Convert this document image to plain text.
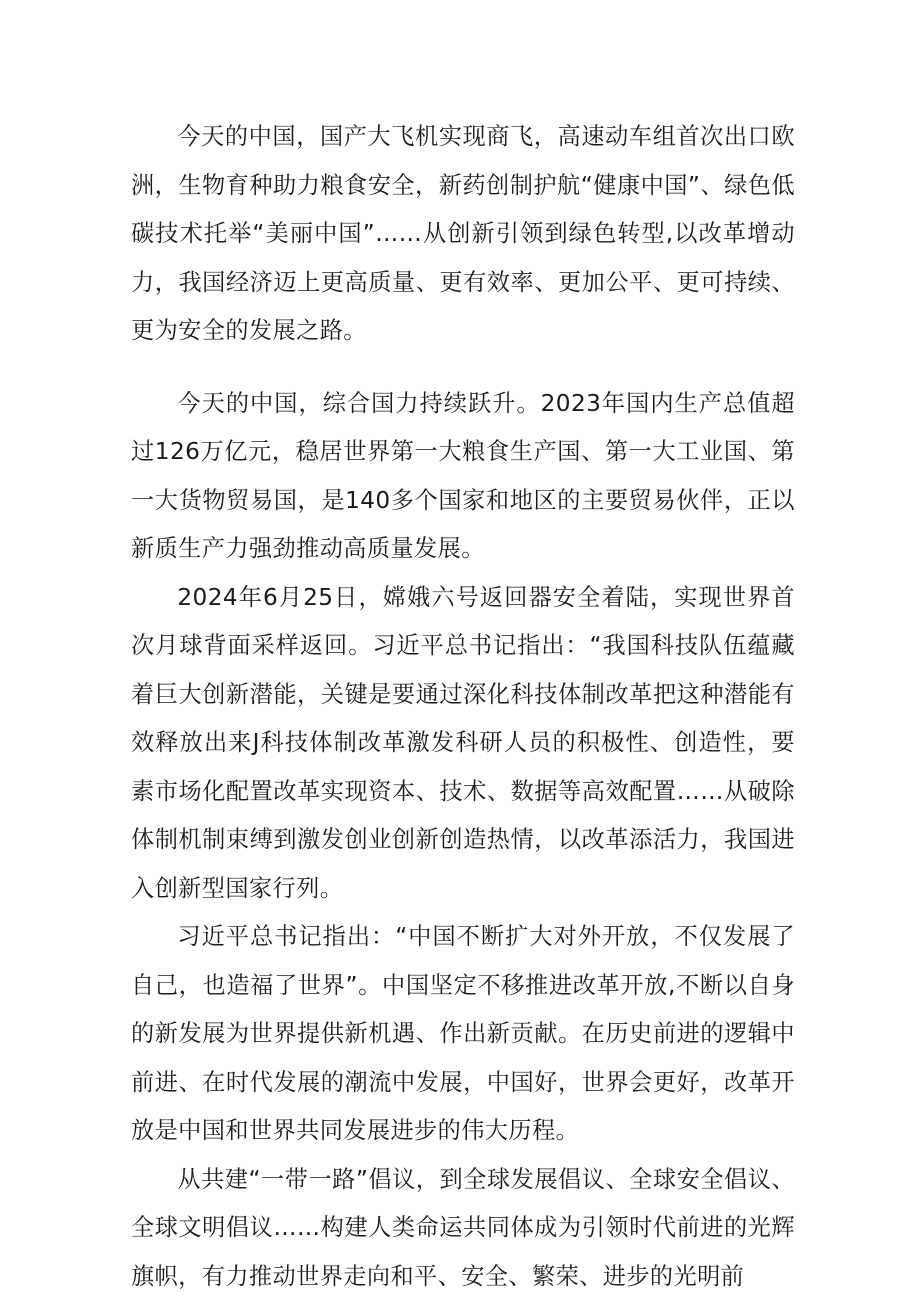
今天的中国，国产大飞机实现商飞，高速动车组首次出口欧洲，生物育种助力粮食安全，新药创制护航“健康中国”、绿色低碳技术托举“美丽中国”……从创新引领到绿色转型,以改革增动力，我国经济迈上更高质量、更有效率、更加公平、更可持续、更为安全的发展之路。

今天的中国，综合国力持续跃升。2023年国内生产总值超过126万亿元，稳居世界第一大粮食生产国、第一大工业国、第一大货物贸易国，是140多个国家和地区的主要贸易伙伴，正以新质生产力强劲推动高质量发展。

2024年6月25日，嫦娥六号返回器安全着陆，实现世界首次月球背面采样返回。习近平总书记指出：“我国科技队伍蕴藏着巨大创新潜能，关键是要通过深化科技体制改革把这种潜能有效释放出来J科技体制改革激发科研人员的积极性、创造性，要素市场化配置改革实现资本、技术、数据等高效配置……从破除体制机制束缚到激发创业创新创造热情，以改革添活力，我国进入创新型国家行列。

习近平总书记指出：“中国不断扩大对外开放，不仅发展了自己，也造福了世界”。中国坚定不移推进改革开放,不断以自身的新发展为世界提供新机遇、作出新贡献。在历史前进的逻辑中前进、在时代发展的潮流中发展，中国好，世界会更好，改革开放是中国和世界共同发展进步的伟大历程。

从共建“一带一路”倡议，到全球发展倡议、全球安全倡议、全球文明倡议……构建人类命运共同体成为引领时代前进的光辉旗帜，有力推动世界走向和平、安全、繁荣、进步的光明前
